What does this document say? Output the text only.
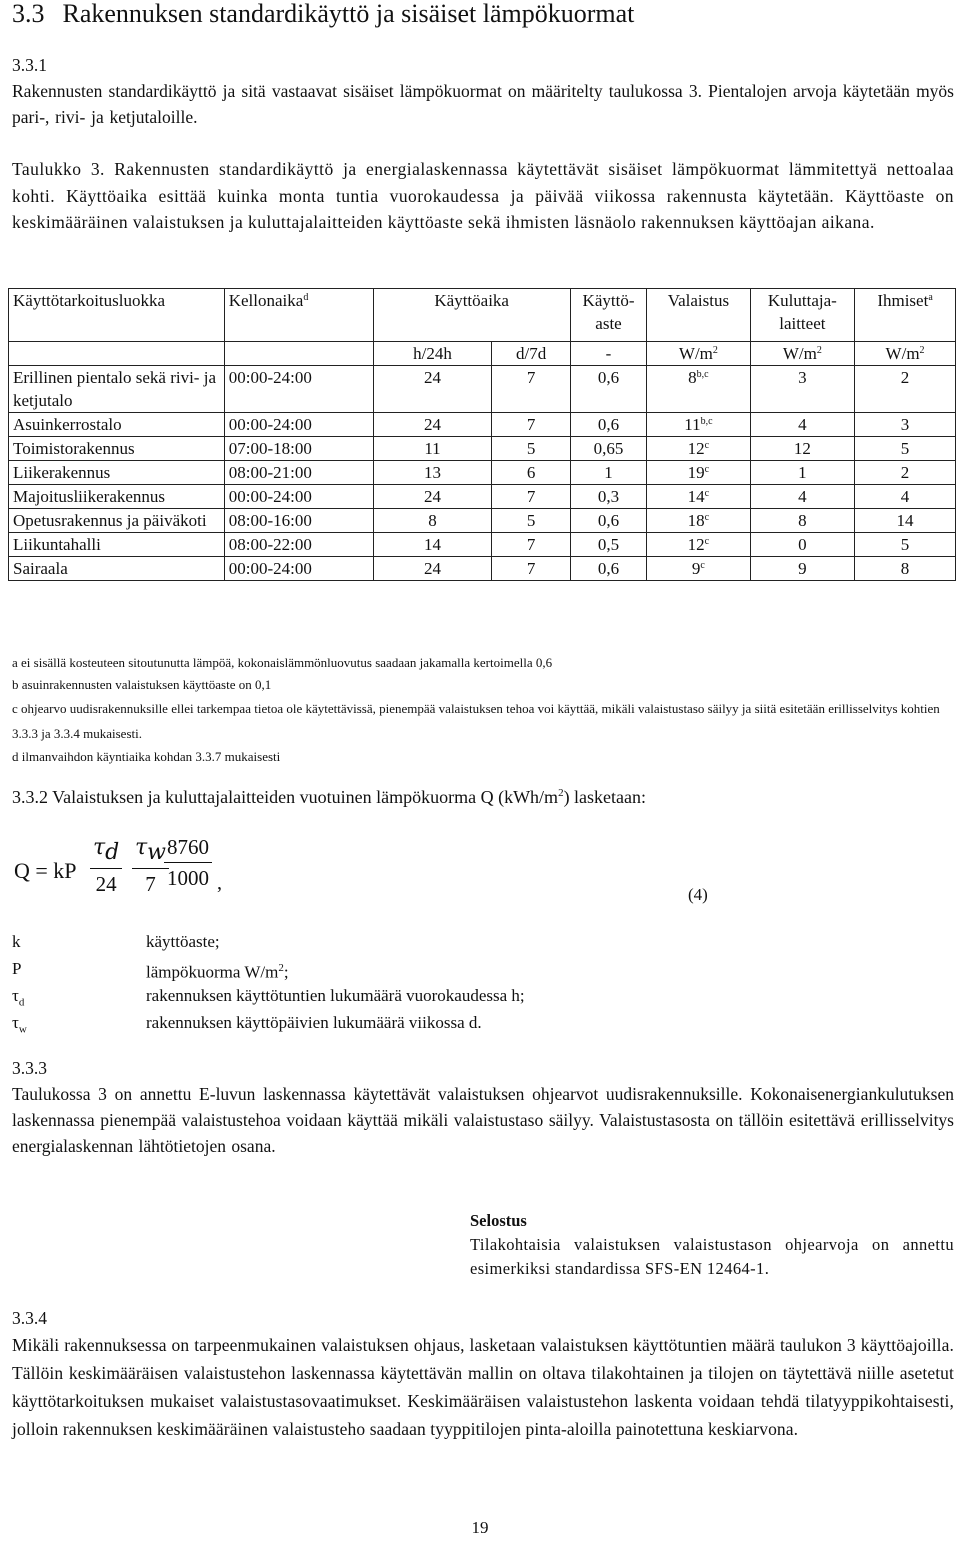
3.3 Rakennuksen standardikäyttö ja sisäiset lämpökuormat

3.3.1

Rakennusten standardikäyttö ja sitä vastaavat sisäiset lämpökuormat on määritelty taulukossa 3. Pientalojen arvoja käytetään myös pari-, rivi- ja ketjutaloille.

Taulukko 3. Rakennusten standardikäyttö ja energialaskennassa käytettävät sisäiset lämpökuormat lämmitettyä nettoalaa kohti. Käyttöaika esittää kuinka monta tuntia vuorokaudessa ja päivää viikossa rakennusta käytetään. Käyttöaste on keskimääräinen valaistuksen ja kuluttajalaitteiden käyttöaste sekä ihmisten läsnäolo rakennuksen käyttöajan aikana.

Käyttötarkoitusluokka	Kellonaika$^d$	Käyttöaika		Käyttö-
aste	Valaistus	Kuluttaja-
laitteet	Ihmiset$^a$
		h/24h	d/7d	-	$W/m^2$	$W/m^2$	$W/m^2$
Erillinen pientalo sekä rivi- ja ketjutalo	00:00-24:00	24	7	0,6	8$^{b,c}$	3	2
Asuinkerrostalo	00:00-24:00	24	7	0,6	11$^{b,c}$	4	3
Toimistorakennus	07:00-18:00	11	5	0,65	12$^c$	12	5
Liikerakennus	08:00-21:00	13	6	1	19$^c$	1	2
Majoitusliikerakennus	00:00-24:00	24	7	0,3	14$^c$	4	4
Opetusrakennus ja päiväkoti	08:00-16:00	8	5	0,6	18$^c$	8	14
Liikuntahalli	08:00-22:00	14	7	0,5	12$^c$	0	5
Sairaala	00:00-24:00	24	7	0,6	9$^c$	9	8
a ei sisällä kosteuteen sitoutunutta lämpöä, kokonaislämmönluovutus saadaan jakamalla kertoimella 0,6
b asuinrakennusten valaistuksen käyttöaste on 0,1
c ohjearvo uudisrakennuksille ellei tarkempaa tietoa ole käytettävissä, pienempää valaistuksen tehoa voi käyttää, mikäli valaistustaso säilyy ja siitä esitetään erillisselvitys kohtien 3.3.3 ja 3.3.4 mukaisesti.
d ilmanvaihdon käyntiaika kohdan 3.3.7 mukaisesti
3.3.2 Valaistuksen ja kuluttajalaitteiden vuotuinen lämpökuorma Q $(kWh/m^2)$ lasketaan:
Q = kP $\frac{\tau_d}{24} \frac{\tau_w}{7}$
$\frac{8760}{1000}$ ,
(4)
k	käyttöaste;
P	lämpökuorma $W/m^2$;
$\tau_d$	rakennuksen käyttötuntien lukumäärä vuorokaudessa h;
$\tau_w$	rakennuksen käyttöpäivien lukumäärä viikossa d.

3.3.3

Taulukossa 3 on annettu E-luvun laskennassa käytettävät valaistuksen ohjearvot uudisrakennuksille. Kokonaisenergiankulutuksen laskennassa pienempää valaistustehoa voidaan käyttää mikäli valaistustaso säilyy. Valaistustasosta on tällöin esitettävä erillisselvitys energialaskennan lähtötietojen osana.

Selostus
Tilakohtaisia valaistuksen valaistustason ohjearvoja on annettu esimerkiksi standardissa SFS-EN 12464-1.

3.3.4

Mikäli rakennuksessa on tarpeenmukainen valaistuksen ohjaus, lasketaan valaistuksen käyttötuntien määrä taulukon 3 käyttöajoilla. Tällöin keskimääräisen valaistustehon laskennassa käytettävän mallin on oltava tilakohtainen ja tilojen on täytettävä niille asetetut käyttötarkoituksen mukaiset valaistustasovaatimukset. Keskimääräisen valaistustehon laskenta voidaan tehdä tilatyyppikohtaisesti, jolloin rakennuksen keskimääräinen valaistusteho saadaan tyyppitilojen pinta-aloilla painotettuna keskiarvona.

19
